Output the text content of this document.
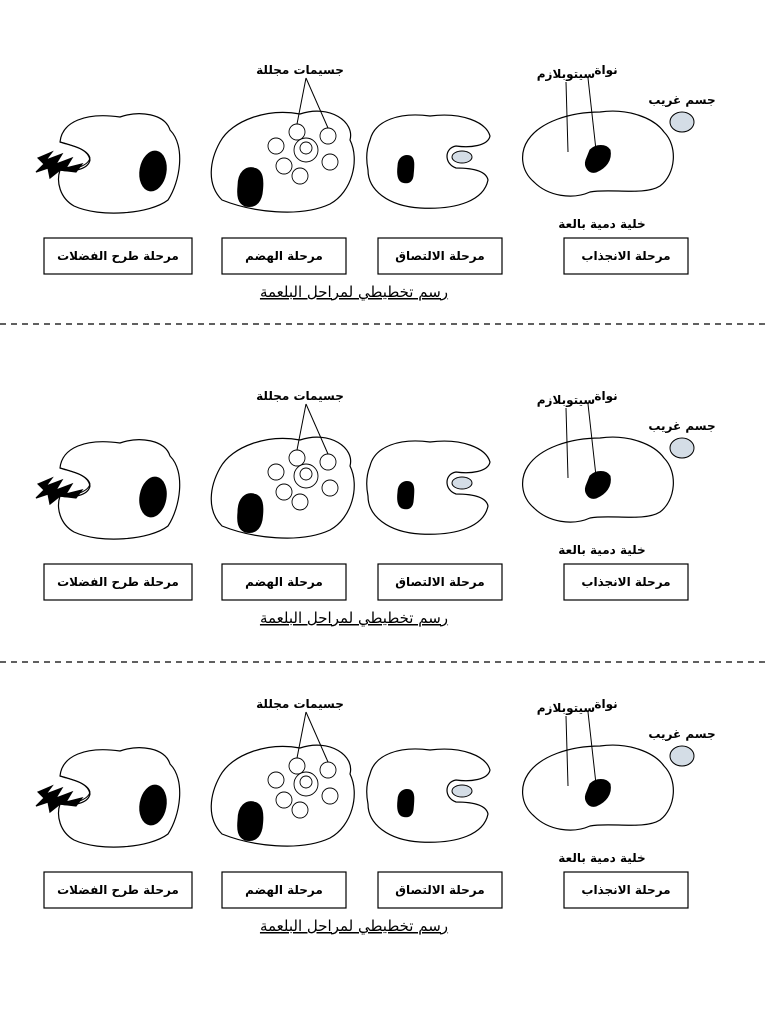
جسيمات مجللة	سيتوبلازم نواة
جسم غريب
خلية دمية بالعة
مرحلة الانجذاب
مرحلة الالتصاق
مرحلة الهضم
مرحلة طرح الفضلات
رسم تخطيطي لمراحل البلعمة
جسيمات مجللة	سيتوبلازم نواة
جسم غريب
خلية دمية بالعة
مرحلة الانجذاب
مرحلة الالتصاق
مرحلة الهضم
مرحلة طرح الفضلات
رسم تخطيطي لمراحل البلعمة
جسيمات مجللة	سيتوبلازم نواة
جسم غريب
خلية دمية بالعة
مرحلة الانجذاب
مرحلة الالتصاق
مرحلة الهضم
مرحلة طرح الفضلات
رسم تخطيطي لمراحل البلعمة
